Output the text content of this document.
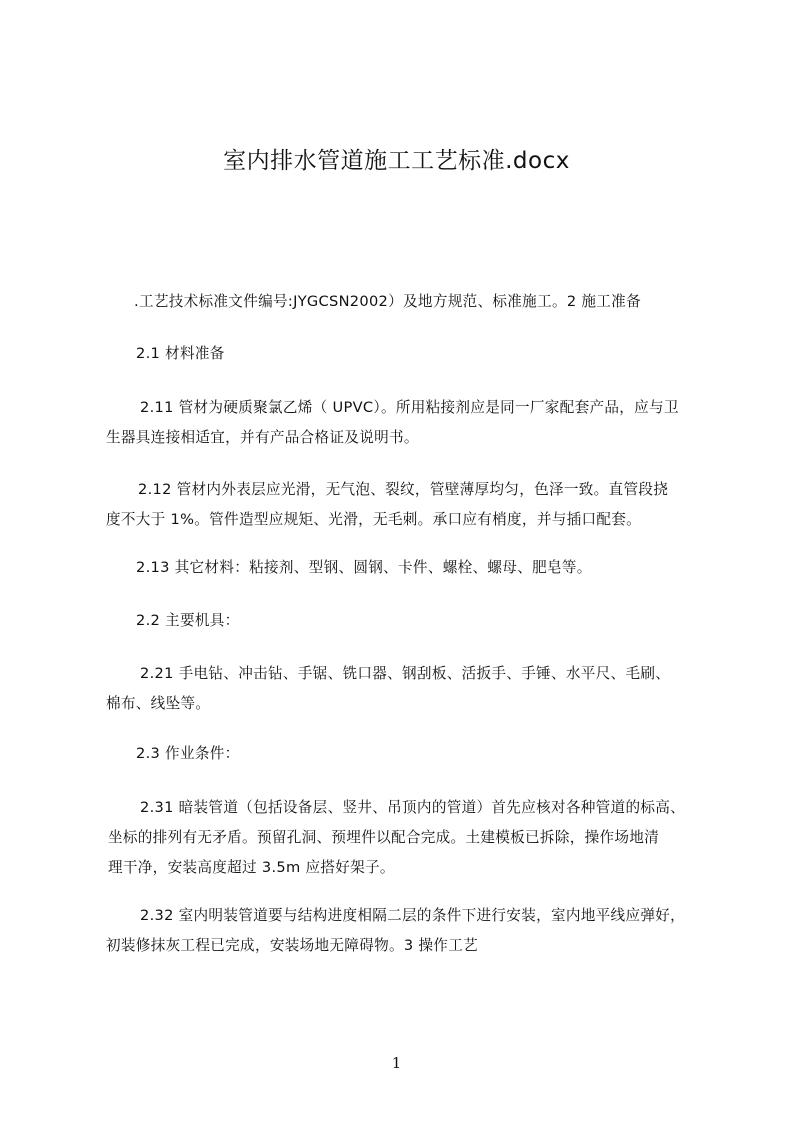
室内排水管道施工工艺标准.docx
.工艺技术标准文件编号:JYGCSN2002）及地方规范、标准施工。2 施工准备
2.1 材料准备
2.11 管材为硬质聚氯乙烯（ UPVC）。所用粘接剂应是同一厂家配套产品，应与卫
生器具连接相适宜，并有产品合格证及说明书。
2.12 管材内外表层应光滑，无气泡、裂纹，管壁薄厚均匀，色泽一致。直管段挠
度不大于 1%。管件造型应规矩、光滑，无毛刺。承口应有梢度，并与插口配套。
2.13 其它材料：粘接剂、型钢、圆钢、卡件、螺栓、螺母、肥皂等。
2.2 主要机具：
2.21 手电钻、冲击钻、手锯、铣口器、钢刮板、活扳手、手锤、水平尺、毛刷、
棉布、线坠等。
2.3 作业条件：
2.31 暗装管道（包括设备层、竖井、吊顶内的管道）首先应核对各种管道的标高、
坐标的排列有无矛盾。预留孔洞、预埋件以配合完成。土建模板已拆除，操作场地清
理干净，安装高度超过 3.5m 应搭好架子。
2.32 室内明装管道要与结构进度相隔二层的条件下进行安装，室内地平线应弹好，
初装修抹灰工程已完成，安装场地无障碍物。3 操作工艺
1
